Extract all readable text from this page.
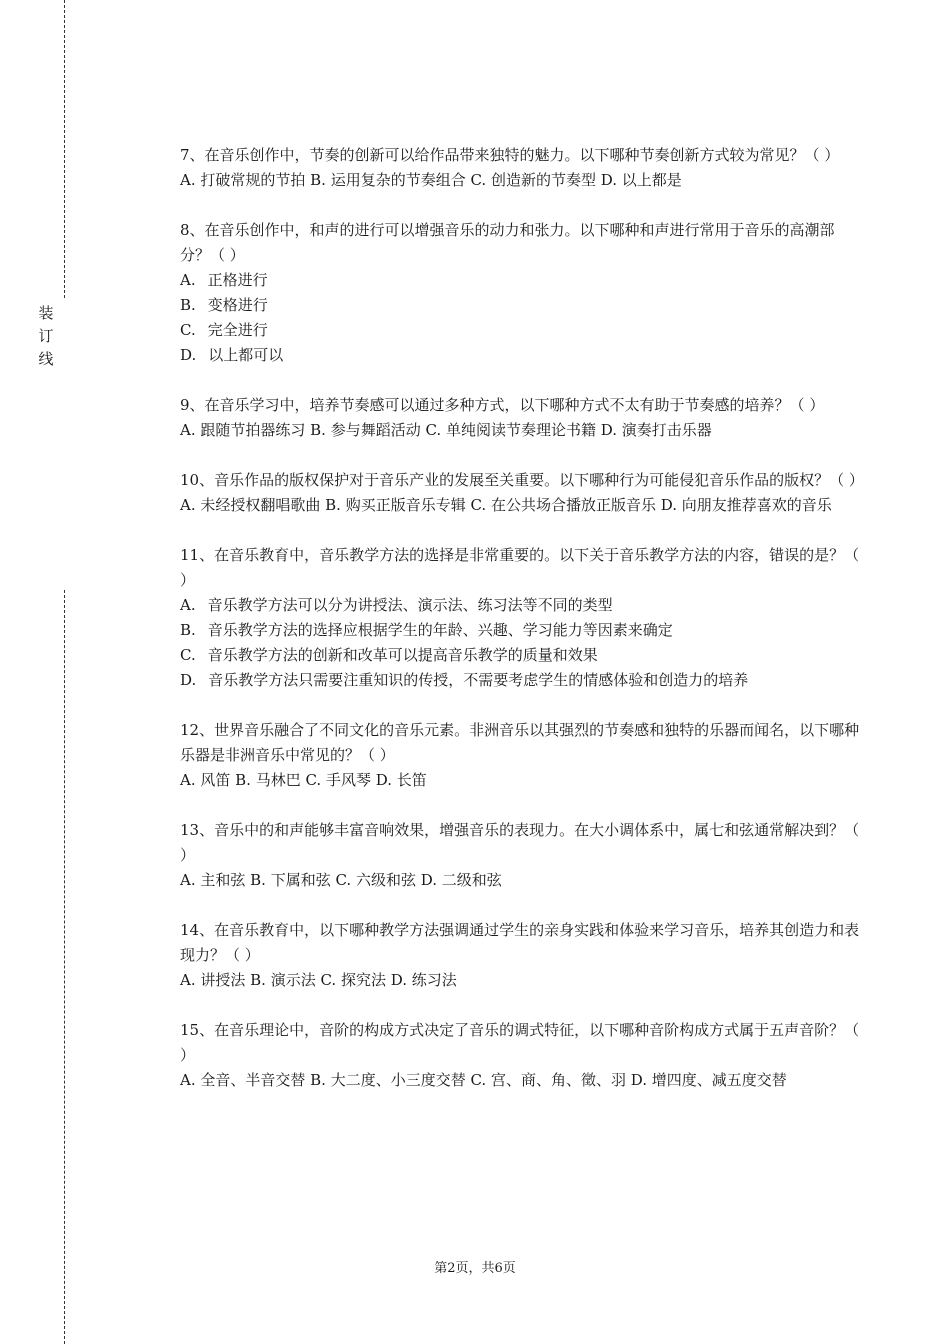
装
订
线

7、在音乐创作中，节奏的创新可以给作品带来独特的魅力。以下哪种节奏创新方式较为常见？（ ）

A. 打破常规的节拍 B. 运用复杂的节奏组合 C. 创造新的节奏型 D. 以上都是

8、在音乐创作中，和声的进行可以增强音乐的动力和张力。以下哪种和声进行常用于音乐的高潮部分？（ ）

A. 正格进行

B. 变格进行

C. 完全进行

D. 以上都可以

9、在音乐学习中，培养节奏感可以通过多种方式，以下哪种方式不太有助于节奏感的培养？（ ）

A. 跟随节拍器练习 B. 参与舞蹈活动 C. 单纯阅读节奏理论书籍 D. 演奏打击乐器

10、音乐作品的版权保护对于音乐产业的发展至关重要。以下哪种行为可能侵犯音乐作品的版权？（ ）

A. 未经授权翻唱歌曲 B. 购买正版音乐专辑 C. 在公共场合播放正版音乐 D. 向朋友推荐喜欢的音乐

11、在音乐教育中，音乐教学方法的选择是非常重要的。以下关于音乐教学方法的内容，错误的是？（ ）

A. 音乐教学方法可以分为讲授法、演示法、练习法等不同的类型

B. 音乐教学方法的选择应根据学生的年龄、兴趣、学习能力等因素来确定

C. 音乐教学方法的创新和改革可以提高音乐教学的质量和效果

D. 音乐教学方法只需要注重知识的传授，不需要考虑学生的情感体验和创造力的培养

12、世界音乐融合了不同文化的音乐元素。非洲音乐以其强烈的节奏感和独特的乐器而闻名，以下哪种乐器是非洲音乐中常见的？（ ）

A. 风笛 B. 马林巴 C. 手风琴 D. 长笛

13、音乐中的和声能够丰富音响效果，增强音乐的表现力。在大小调体系中，属七和弦通常解决到？（ ）

A. 主和弦 B. 下属和弦 C. 六级和弦 D. 二级和弦

14、在音乐教育中，以下哪种教学方法强调通过学生的亲身实践和体验来学习音乐，培养其创造力和表现力？（ ）

A. 讲授法 B. 演示法 C. 探究法 D. 练习法

15、在音乐理论中，音阶的构成方式决定了音乐的调式特征，以下哪种音阶构成方式属于五声音阶？（ ）

A. 全音、半音交替 B. 大二度、小三度交替 C. 宫、商、角、徵、羽 D. 增四度、减五度交替

第2页，共6页
